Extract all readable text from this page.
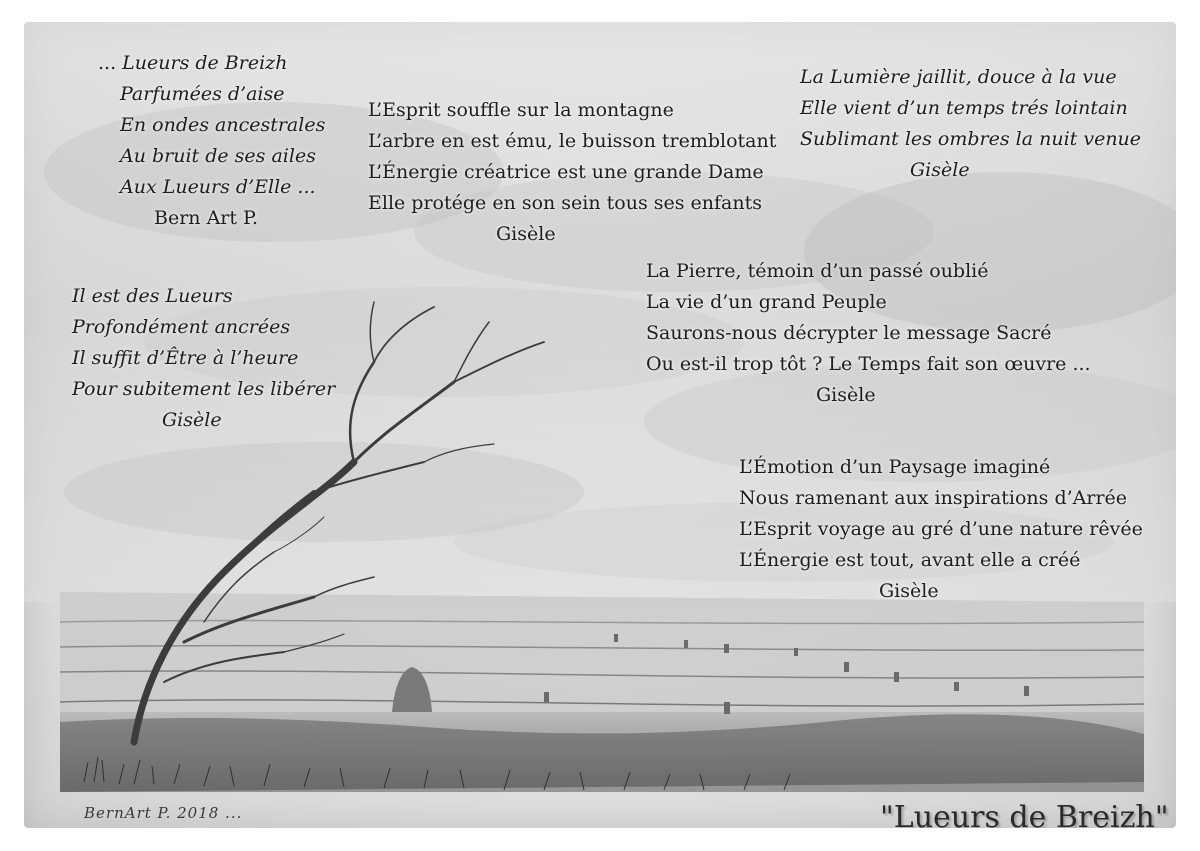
... Lueurs de Breizh
Parfumées d’aise
En ondes ancestrales
Au bruit de ses ailes
Aux Lueurs d’Elle ...
Bern Art P.
L’Esprit souffle sur la montagne
L’arbre en est ému, le buisson tremblotant
L’Énergie créatrice est une grande Dame
Elle protége en son sein tous ses enfants
Gisèle
La Lumière jaillit, douce à la vue
Elle vient d’un temps trés lointain
Sublimant les ombres la nuit venue
Gisèle
Il est des Lueurs
Profondément ancrées
Il suffit d’Être à l’heure
Pour subitement les libérer
Gisèle
La Pierre, témoin d’un passé oublié
La vie d’un grand Peuple
Saurons-nous décrypter le message Sacré
Ou est-il trop tôt ? Le Temps fait son œuvre ...
Gisèle
L’Émotion d’un Paysage imaginé
Nous ramenant aux inspirations d’Arrée
L’Esprit voyage au gré d’une nature rêvée
L’Énergie est tout, avant elle a créé
Gisèle
BernArt P. 2018 ...	"Lueurs de Breizh"
